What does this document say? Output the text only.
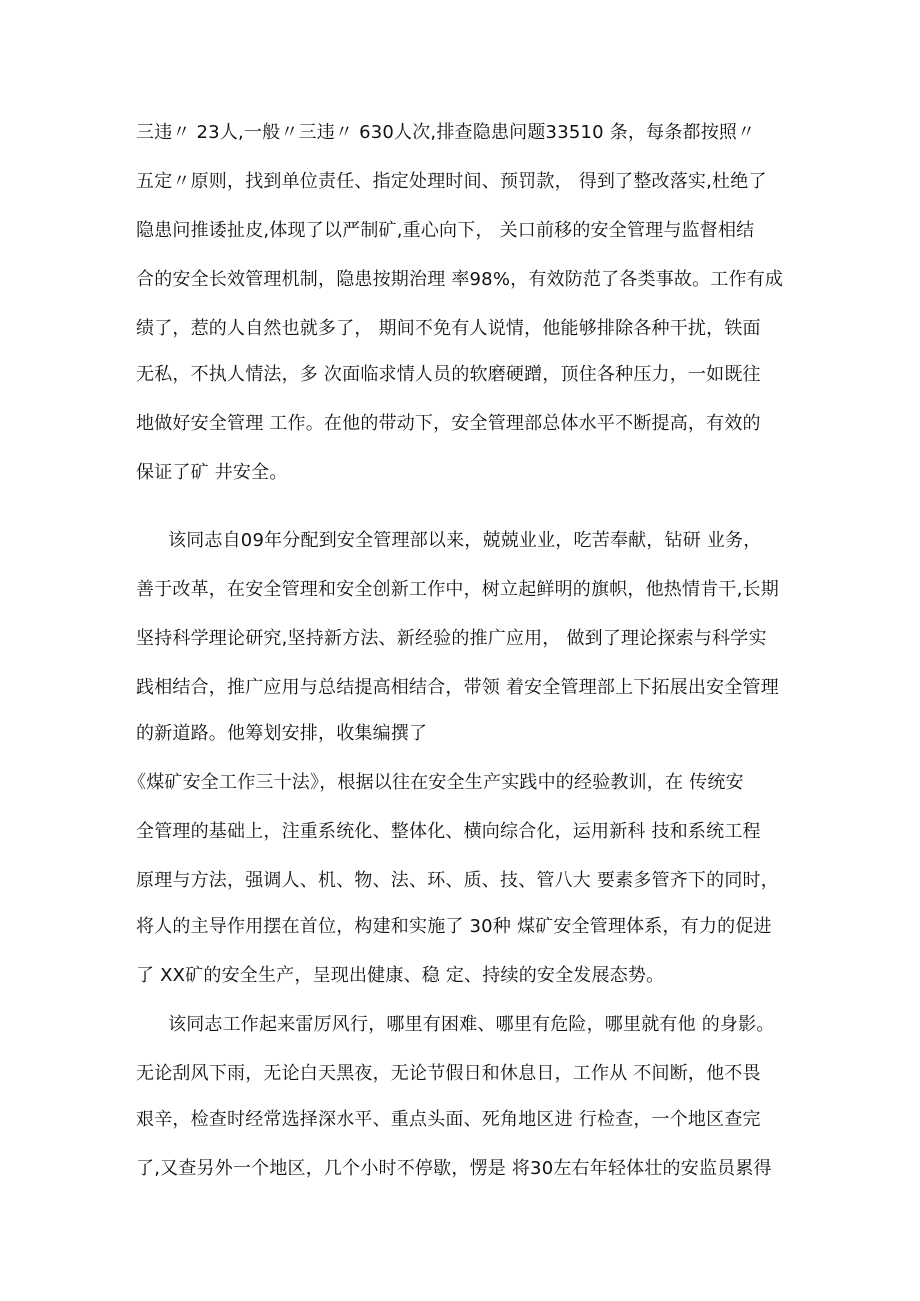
三违〃 23人,一般〃三违〃 630人次,排查隐患问题33510 条，每条都按照〃
五定〃原则，找到单位责任、指定处理时间、预罚款， 得到了整改落实,杜绝了
隐患问推诿扯皮,体现了以严制矿,重心向下， 关口前移的安全管理与监督相结
合的安全长效管理机制，隐患按期治理 率98%，有效防范了各类事故。工作有成
绩了，惹的人自然也就多了， 期间不免有人说情，他能够排除各种干扰，铁面
无私，不执人情法，多 次面临求情人员的软磨硬蹭，顶住各种压力，一如既往
地做好安全管理 工作。在他的带动下，安全管理部总体水平不断提高，有效的
保证了矿 井安全。
该同志自09年分配到安全管理部以来，兢兢业业，吃苦奉献，钻研 业务，
善于改革，在安全管理和安全创新工作中，树立起鲜明的旗帜，他热情肯干,长期
坚持科学理论研究,坚持新方法、新经验的推广应用， 做到了理论探索与科学实
践相结合，推广应用与总结提高相结合，带领 着安全管理部上下拓展出安全管理
的新道路。他筹划安排，收集编撰了
《煤矿安全工作三十法》，根据以往在安全生产实践中的经验教训，在 传统安
全管理的基础上，注重系统化、整体化、横向综合化，运用新科 技和系统工程
原理与方法，强调人、机、物、法、环、质、技、管八大 要素多管齐下的同时，
将人的主导作用摆在首位，构建和实施了 30种 煤矿安全管理体系，有力的促进
了 XX矿的安全生产，呈现出健康、稳 定、持续的安全发展态势。
该同志工作起来雷厉风行，哪里有困难、哪里有危险，哪里就有他 的身影。
无论刮风下雨，无论白天黑夜，无论节假日和休息日，工作从 不间断，他不畏
艰辛，检查时经常选择深水平、重点头面、死角地区进 行检查，一个地区查完
了,又查另外一个地区，几个小时不停歇，愣是 将30左右年轻体壮的安监员累得
